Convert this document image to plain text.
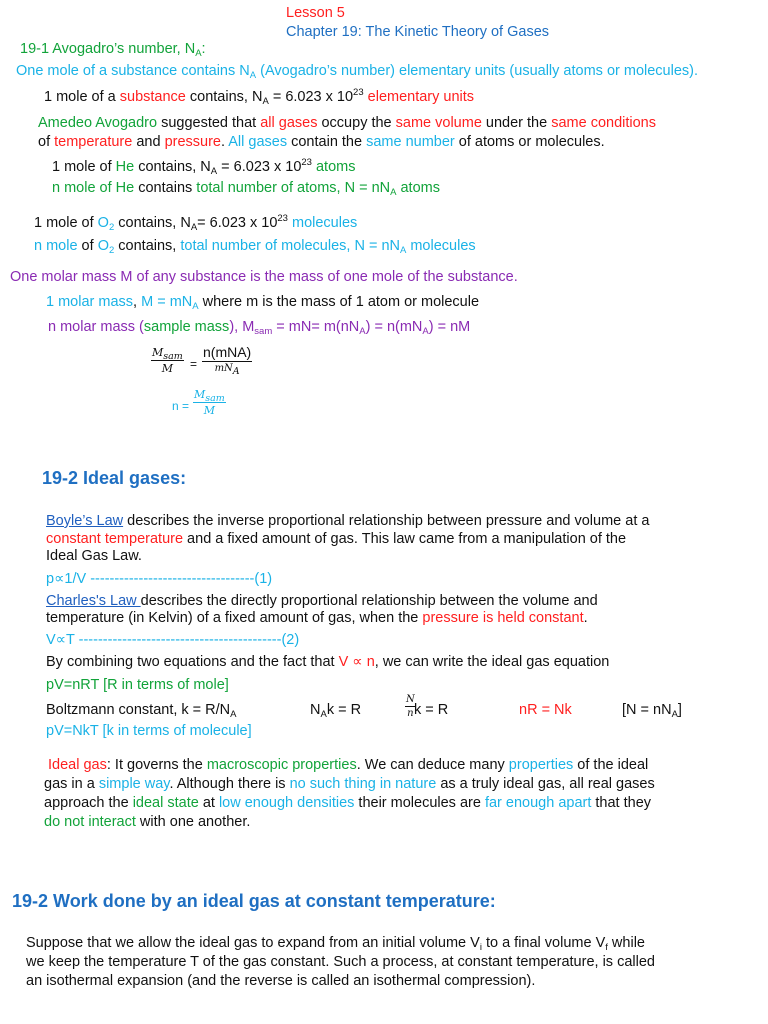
Lesson 5
Chapter 19: The Kinetic Theory of Gases
19-1 Avogadro’s number, $N_A$:
One mole of a substance contains $N_A$ (Avogadro’s number) elementary units (usually atoms or molecules).
1 mole of a substance contains, $N_A = 6.023$ x $10^{23}$ elementary units
Amedeo Avogadro suggested that all gases occupy the same volume under the same conditions
of temperature and pressure. All gases contain the same number of atoms or molecules.
1 mole of He contains, $N_A = 6.023$ x $10^{23}$ atoms
n mole of He contains total number of atoms, $N = nN_A$ atoms
1 mole of $O_2$ contains, $N_A= 6.023$ x $10^{23}$ molecules
n mole of $O_2$ contains, total number of molecules, $N = nN_A$ molecules
One molar mass M of any substance is the mass of one mole of the substance.
1 molar mass, $M = mN_A$ where m is the mass of 1 atom or molecule
n molar mass (sample mass), $M_{sam} = mN= m(nN_A) = n(mN_A)$ = nM
$M_{sam}$
M =
n(mNA)
$mN_A$
n =
$M_{sam}$
M
19-2 Ideal gases:
Boyle’s Law describes the inverse proportional relationship between pressure and volume at a
constant temperature and a fixed amount of gas. This law came from a manipulation of the
Ideal Gas Law.
p∝1/V ----------------------------------(1)
Charles's Law describes the directly proportional relationship between the volume and
temperature (in Kelvin) of a fixed amount of gas, when the pressure is held constant.
V∝T ------------------------------------------(2)
By combining two equations and the fact that V ∝ n, we can write the ideal gas equation
pV=nRT [R in terms of mole]
Boltzmann constant, $k = R/N_A$	$N_Ak = R$	$\frac{N}{n}$
k = R	nR = Nk	$[N = nN_A]$
pV=NkT [k in terms of molecule]
Ideal gas: It governs the macroscopic properties. We can deduce many properties of the ideal
gas in a simple way. Although there is no such thing in nature as a truly ideal gas, all real gases
approach the ideal state at low enough densities their molecules are far enough apart that they
do not interact with one another.
19-2 Work done by an ideal gas at constant temperature:
Suppose that we allow the ideal gas to expand from an initial volume $V_i$ to a final volume $V_f$ while
we keep the temperature T of the gas constant. Such a process, at constant temperature, is called
an isothermal expansion (and the reverse is called an isothermal compression).
